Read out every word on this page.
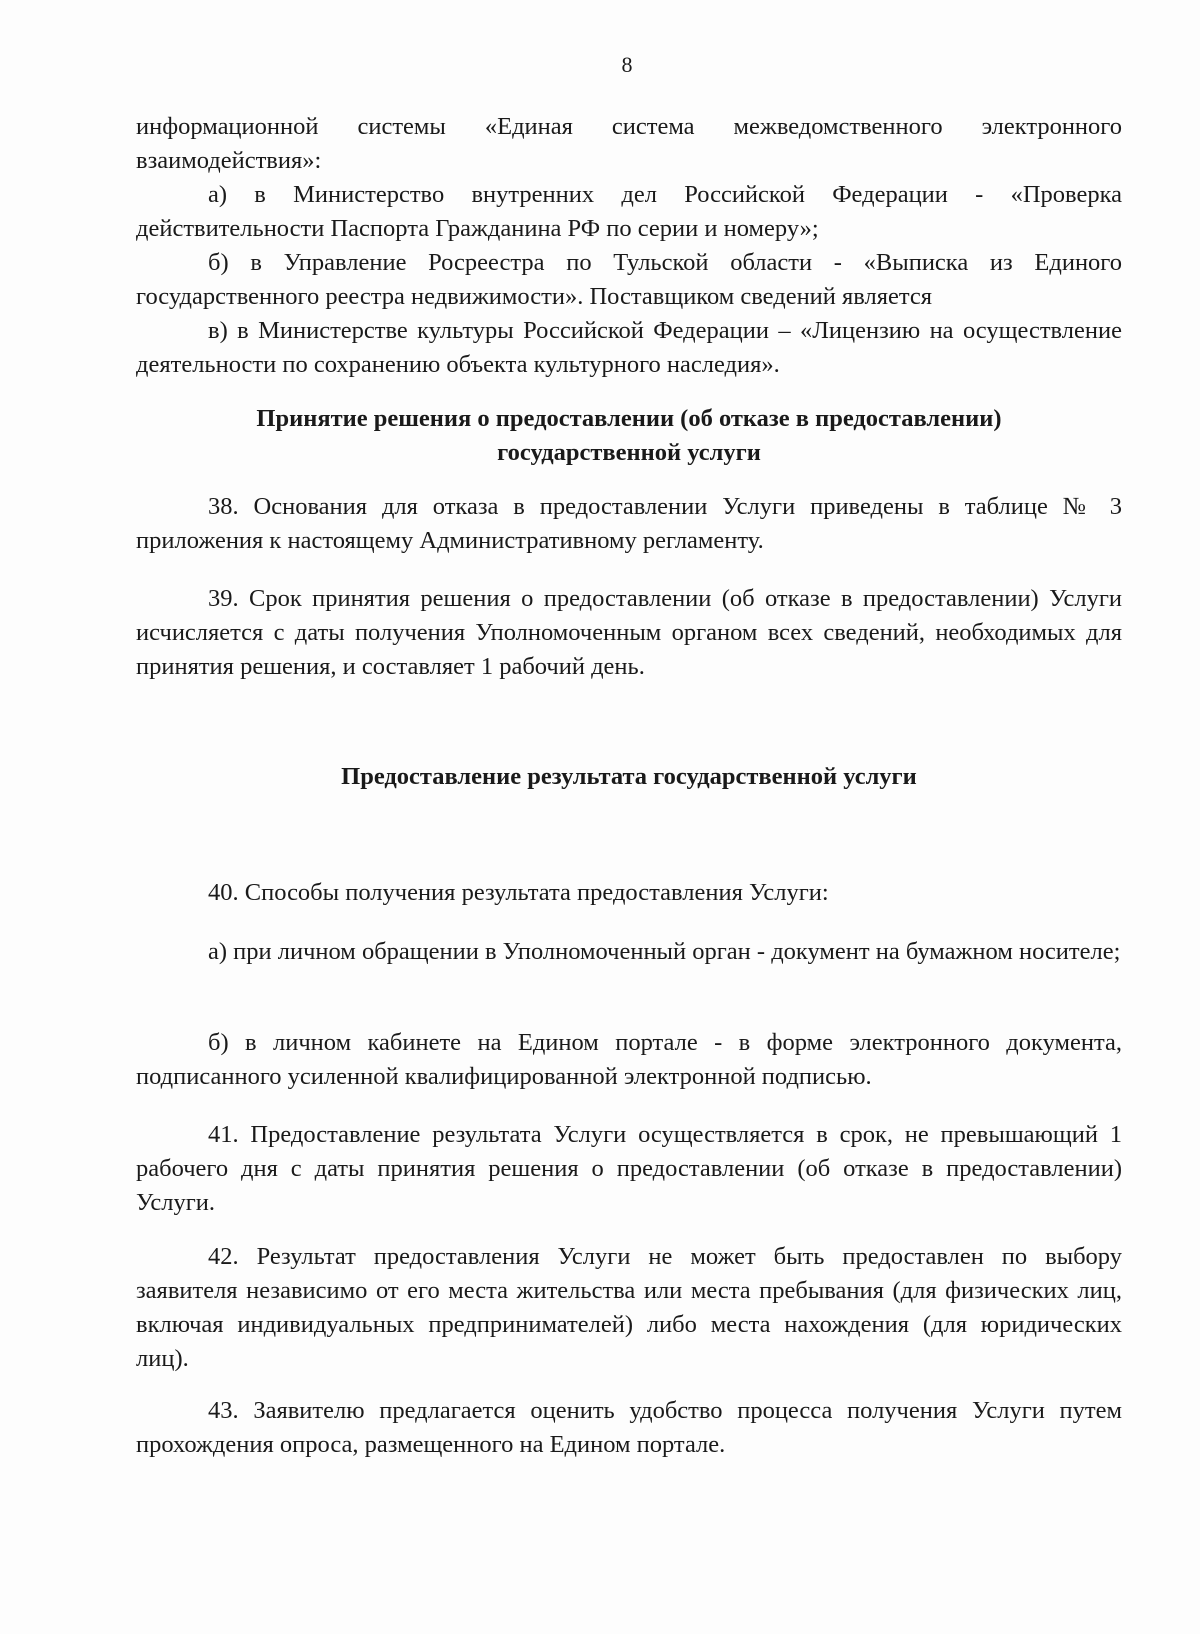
8

информационной системы «Единая система межведомственного электронного взаимодействия»:

а) в Министерство внутренних дел Российской Федерации - «Проверка действительности Паспорта Гражданина РФ по серии и номеру»;

б) в Управление Росреестра по Тульской области - «Выписка из Единого государственного реестра недвижимости». Поставщиком сведений является

в) в Министерстве культуры Российской Федерации – «Лицензию на осуществление деятельности по сохранению объекта культурного наследия».

Принятие решения о предоставлении (об отказе в предоставлении)
государственной услуги

38. Основания для отказа в предоставлении Услуги приведены в таблице № 3 приложения к настоящему Административному регламенту.

39. Срок принятия решения о предоставлении (об отказе в предоставлении) Услуги исчисляется с даты получения Уполномоченным органом всех сведений, необходимых для принятия решения, и составляет 1 рабочий день.

Предоставление результата государственной услуги

40. Способы получения результата предоставления Услуги:

а) при личном обращении в Уполномоченный орган - документ на бумажном носителе;

б) в личном кабинете на Едином портале - в форме электронного документа, подписанного усиленной квалифицированной электронной подписью.

41. Предоставление результата Услуги осуществляется в срок, не превышающий 1 рабочего дня с даты принятия решения о предоставлении (об отказе в предоставлении) Услуги.

42. Результат предоставления Услуги не может быть предоставлен по выбору заявителя независимо от его места жительства или места пребывания (для физических лиц, включая индивидуальных предпринимателей) либо места нахождения (для юридических лиц).

43. Заявителю предлагается оценить удобство процесса получения Услуги путем прохождения опроса, размещенного на Едином портале.
